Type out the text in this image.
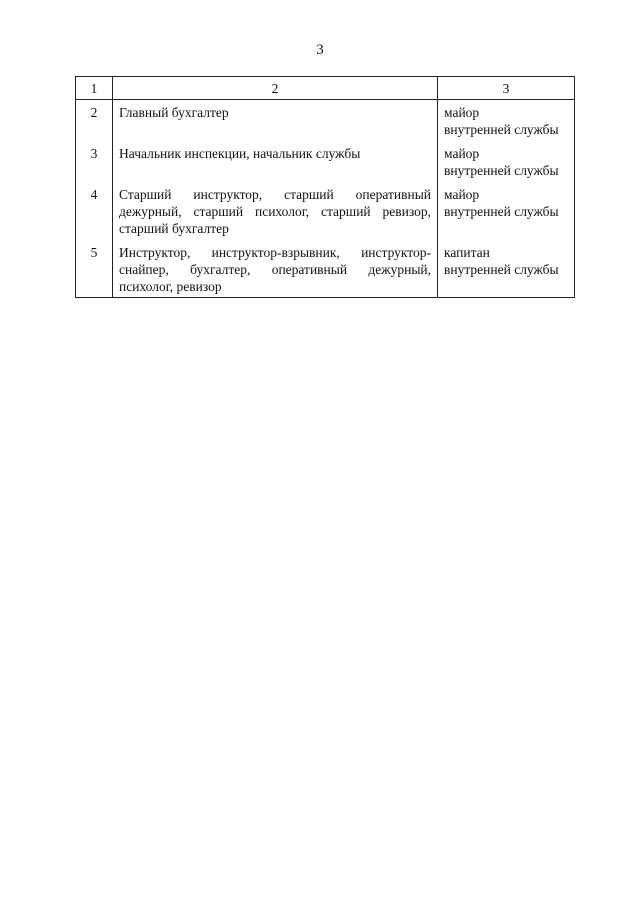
3
1	2	3
2	Главный бухгалтер	майор
внутренней службы

3	Начальник инспекции, начальник службы	майор
внутренней службы

4	Старший инструктор, старший оперативный дежурный, старший психолог, старший ревизор, старший бухгалтер	майор
внутренней службы

5	Инструктор, инструктор-взрывник, инструктор-снайпер, бухгалтер, оперативный дежурный, психолог, ревизор	капитан
внутренней службы
